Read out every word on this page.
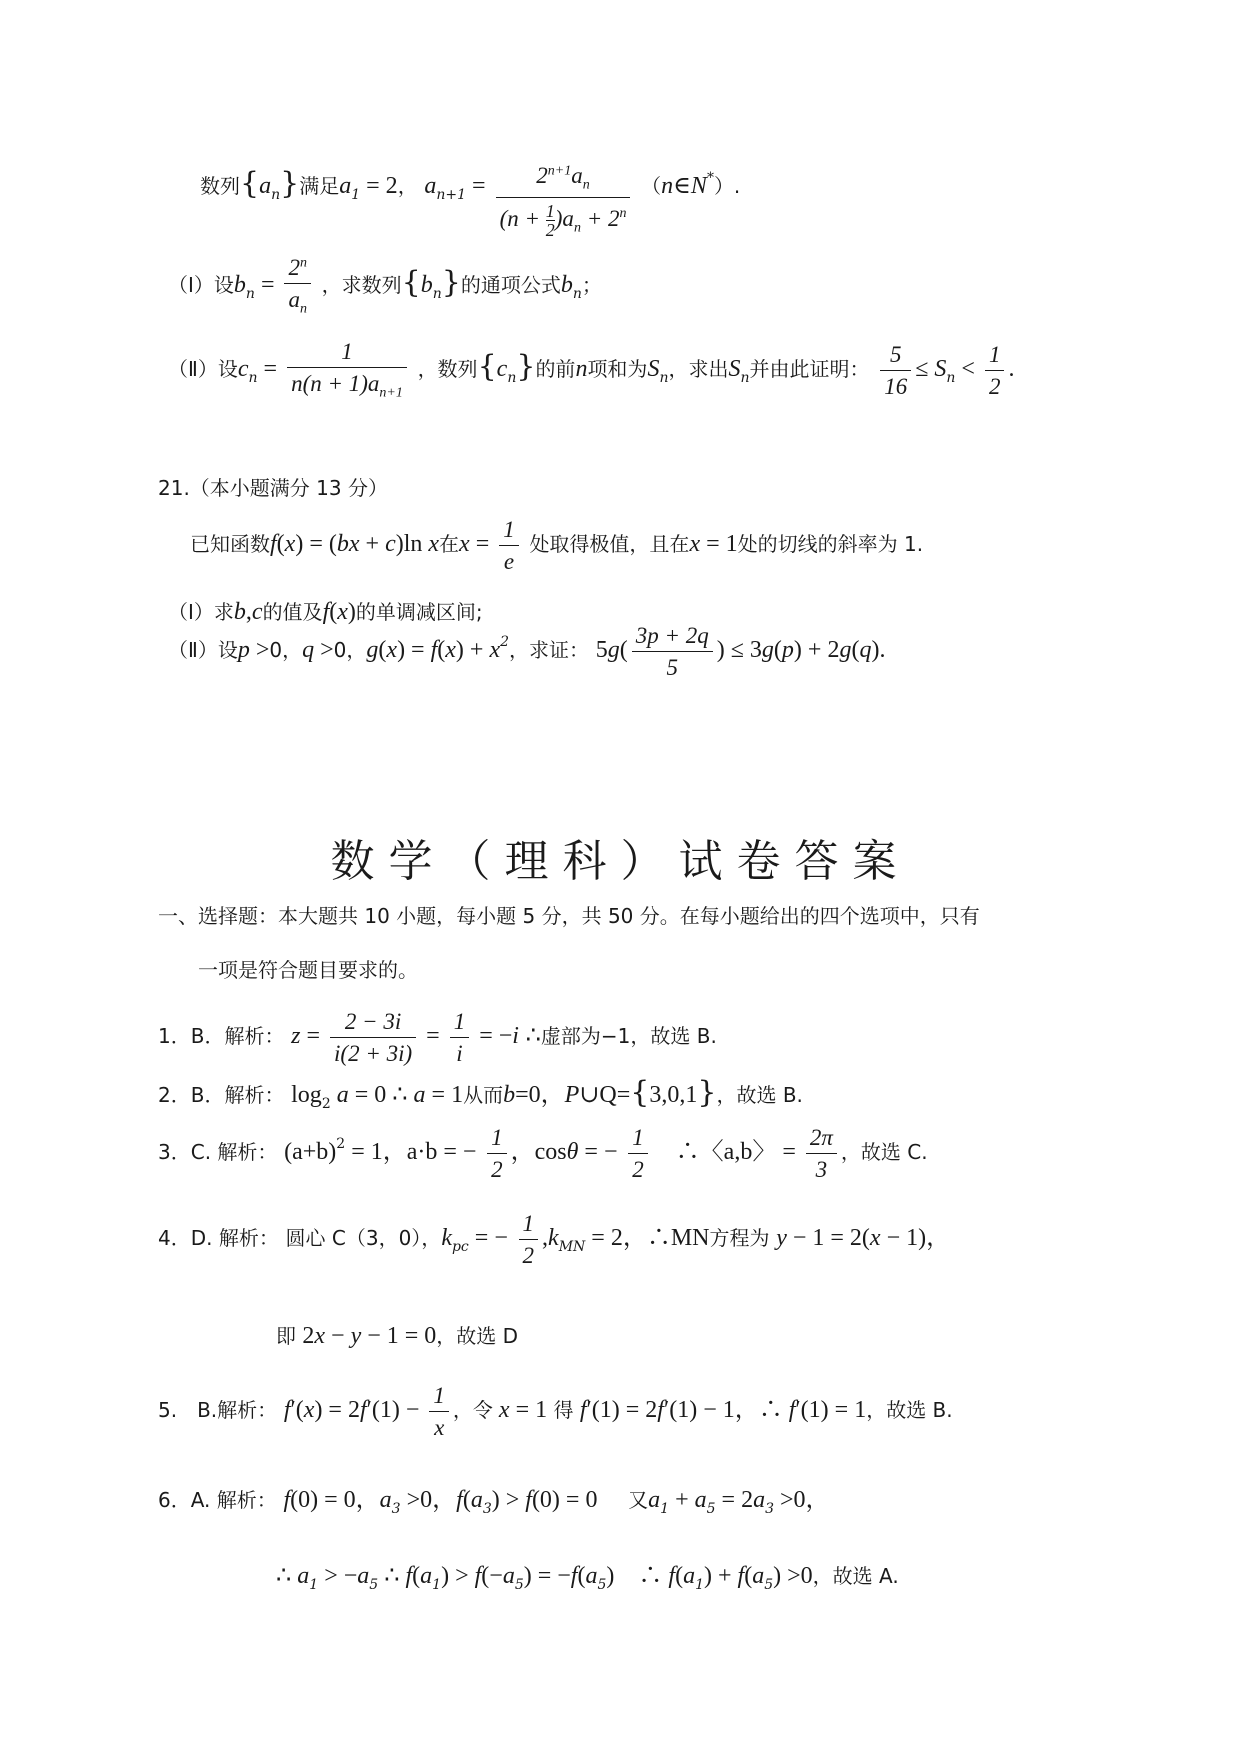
数列$\{a_n\}$满足$a_1 = 2$， $a_{n+1} = \frac{2^{n+1}a_n}{(n + \frac{1}{2} )a_n + 2^n}$ （n∈N*）.
（Ⅰ）设$b_n = \frac{2^n}{a_n}$ ，求数列$\{b_n\}$的通项公式$b_n$；
（Ⅱ）设$c_n = \frac{1}{n(n + 1)a_{n+1}}$ ，数列$\{c_n\}$的前n项和为$S_n$，求出$S_n$并由此证明： $\frac{5}{16} \le S_n < \frac{1}{2}$ .
21.（本小题满分 13 分）
已知函数f(x) = (bx + c)ln x在$x = \frac{1}{e}$ 处取得极值，且在x = 1处的切线的斜率为 1.
（Ⅰ）求b,c的值及f(x)的单调减区间;
（Ⅱ）设p >0，q >0，$g(x) = f(x) + x^2$，求证： $5g( \frac{3p + 2q}{5}$ ) ≤ 3g(p) + 2g(q).
数学（理科）试卷答案
一、选择题：本大题共 10 小题，每小题 5 分，共 50 分。在每小题给出的四个选项中，只有
一项是符合题目要求的。
1．B．解析： $z = \frac{2 - 3i}{i(2 + 3i)} = \frac{1}{i} = -i$ ∴虚部为−1，故选 B.
2．B．解析： $\log_2 a = 0$ ∴ a = 1从而b=0，P∪Q={3,0,1}，故选 B.
3．C. 解析： $(a+b)^2 = 1$，a·b = − $\frac{1}{2}$ ，cosθ = − $\frac{1}{2}$ 　∴〈a,b〉 = $\frac{2\pi}{3}$ ，故选 C.
4．D. 解析： 圆心 C（3，0），$k_{pc}$ = − $\frac{1}{2} ,k_{MN} = 2$，∴MN方程为 y − 1 = 2(x − 1)，
即 2x − y − 1 = 0，故选 D
5.　B.解析： $f'(x) = 2f'(1) - \frac{1}{x}$ ，令 x = 1 得 f′(1) = 2f′(1) − 1，∴ f′(1) = 1，故选 B.
6．A. 解析： f(0) = 0，$a_3 >0$，$f(a_3) > f(0) = 0$　 又$a_1 + a_5 = 2a_3 >0$，
∴ $a_1 > -a_5$ ∴ $f(a_1) > f(-a_5) = -f(a_5)$　∴ $f(a_1) + f(a_5) >0$，故选 A.
